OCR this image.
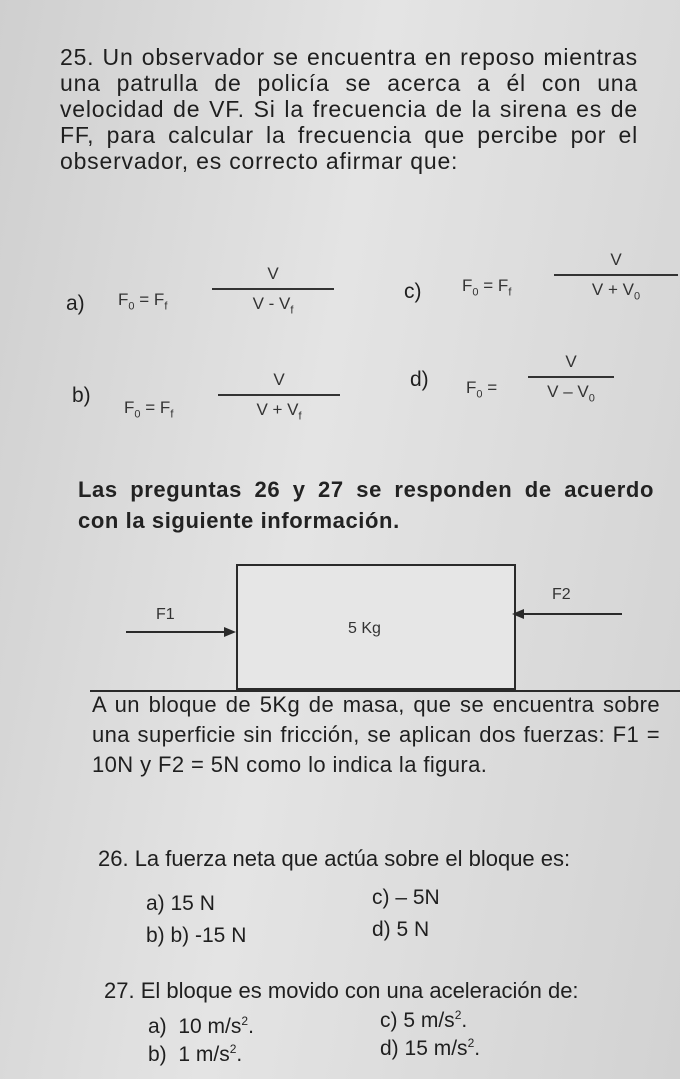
25. Un observador se encuentra en reposo mientras una patrulla de policía se acerca a él con una velocidad de VF. Si la frecuencia de la sirena es de FF, para calcular la frecuencia que percibe por el observador, es correcto afirmar que:

a) $F_0 = F_f$
V
V - $V_f$
c) $F_0 = F_f$
V
$V + V_0$
b)
$F_0 = F_f$
V
$V + V_f$
d) $F_0$ =
V
V – $V_0$

Las preguntas 26 y 27 se responden de acuerdo con la siguiente información.

5 Kg
F1
F2

A un bloque de 5Kg de masa, que se encuentra sobre una superficie sin fricción, se aplican dos fuerzas: F1 = 10N y F2 = 5N como lo indica la figura.

26. La fuerza neta que actúa sobre el bloque es:
a) 15 N	c) – 5N
b) b) -15 N	d) 5 N
27. El bloque es movido con una aceleración de:
a) 10 $m/s^2$.	c) 5 $m/s^2$.
b) 1 $m/s^2$.	d) 15 $m/s^2$.
